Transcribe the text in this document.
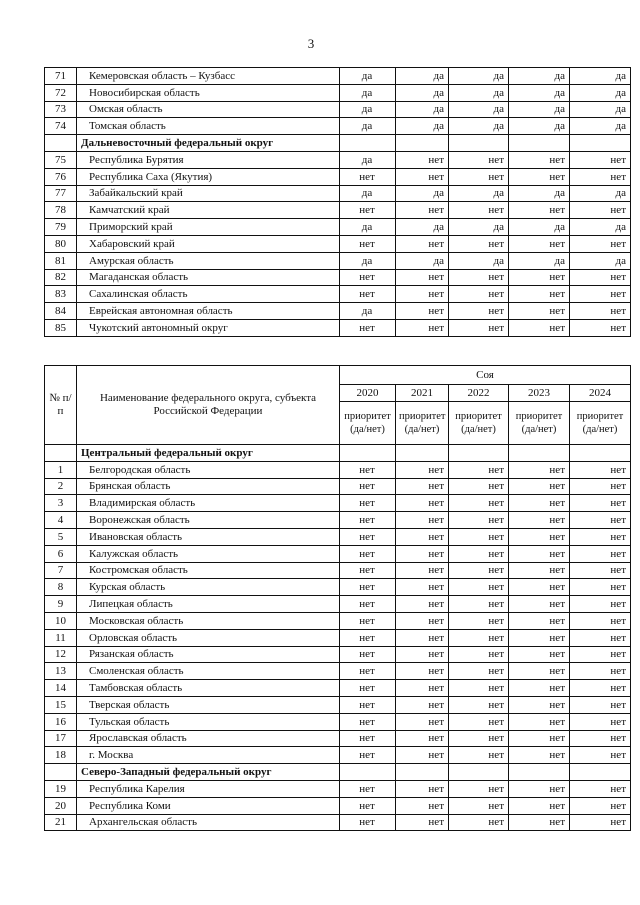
3
71	Кемеровская область – Кузбасс	да	да	да	да	да
72	Новосибирская область	да	да	да	да	да
73	Омская область	да	да	да	да	да
74	Томская область	да	да	да	да	да
	Дальневосточный федеральный округ					
75	Республика Бурятия	да	нет	нет	нет	нет
76	Республика Саха (Якутия)	нет	нет	нет	нет	нет
77	Забайкальский край	да	да	да	да	да
78	Камчатский край	нет	нет	нет	нет	нет
79	Приморский край	да	да	да	да	да
80	Хабаровский край	нет	нет	нет	нет	нет
81	Амурская область	да	да	да	да	да
82	Магаданская область	нет	нет	нет	нет	нет
83	Сахалинская область	нет	нет	нет	нет	нет
84	Еврейская автономная область	да	нет	нет	нет	нет
85	Чукотский автономный округ	нет	нет	нет	нет	нет
№ п/п	Наименование федерального округа, субъекта Российской Федерации	Соя				
		2020	2021	2022	2023	2024
		приоритет (да/нет)	приоритет (да/нет)	приоритет (да/нет)	приоритет (да/нет)	приоритет (да/нет)
	Центральный федеральный округ					
1	Белгородская область	нет	нет	нет	нет	нет
2	Брянская область	нет	нет	нет	нет	нет
3	Владимирская область	нет	нет	нет	нет	нет
4	Воронежская область	нет	нет	нет	нет	нет
5	Ивановская область	нет	нет	нет	нет	нет
6	Калужская область	нет	нет	нет	нет	нет
7	Костромская область	нет	нет	нет	нет	нет
8	Курская область	нет	нет	нет	нет	нет
9	Липецкая область	нет	нет	нет	нет	нет
10	Московская область	нет	нет	нет	нет	нет
11	Орловская область	нет	нет	нет	нет	нет
12	Рязанская область	нет	нет	нет	нет	нет
13	Смоленская область	нет	нет	нет	нет	нет
14	Тамбовская область	нет	нет	нет	нет	нет
15	Тверская область	нет	нет	нет	нет	нет
16	Тульская область	нет	нет	нет	нет	нет
17	Ярославская область	нет	нет	нет	нет	нет
18	г. Москва	нет	нет	нет	нет	нет
	Северо-Западный федеральный округ					
19	Республика Карелия	нет	нет	нет	нет	нет
20	Республика Коми	нет	нет	нет	нет	нет
21	Архангельская область	нет	нет	нет	нет	нет
